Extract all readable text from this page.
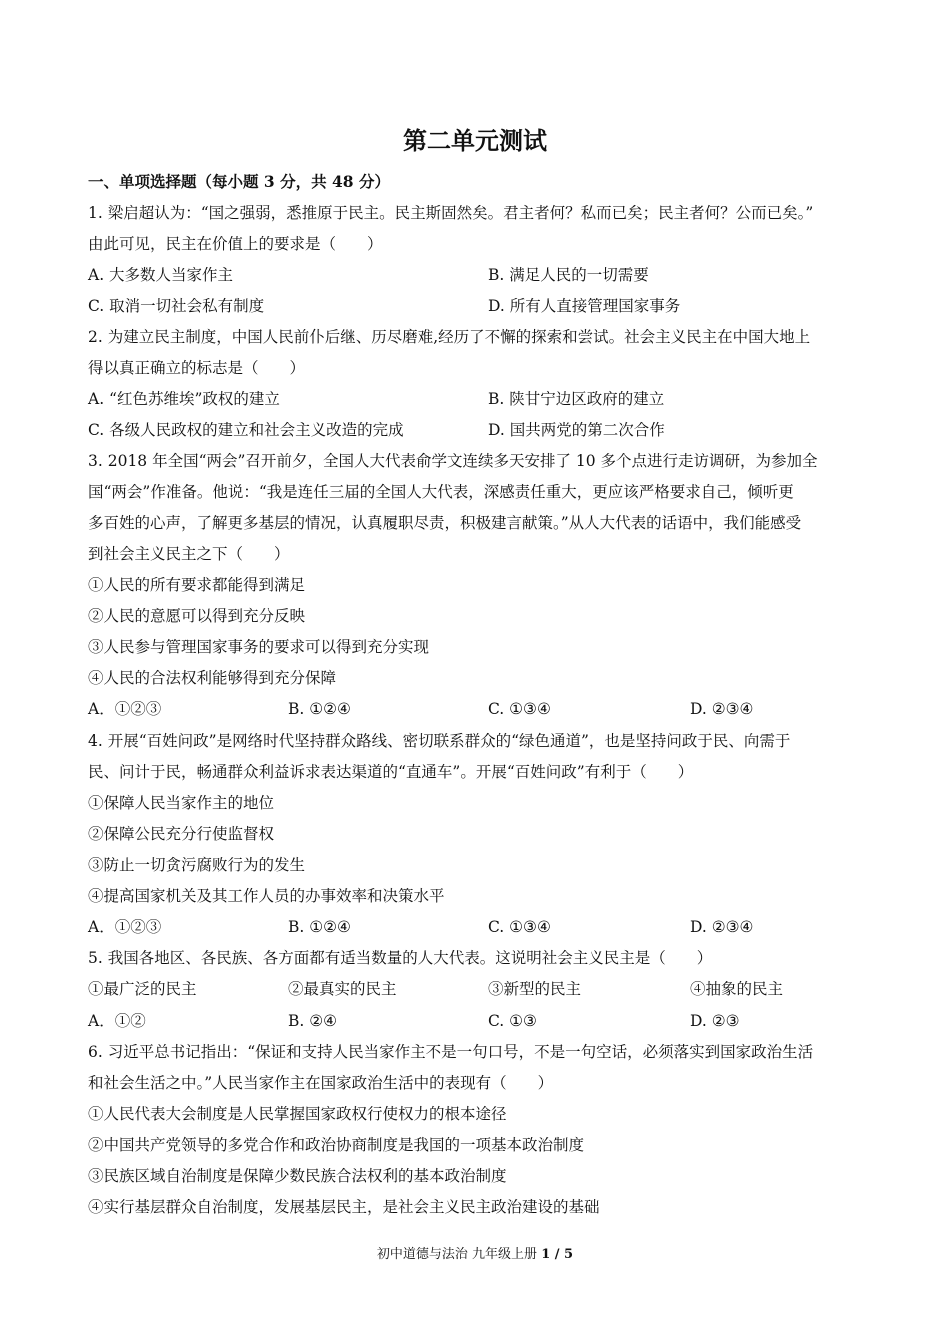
第二单元测试
一、单项选择题（每小题 3 分，共 48 分）
1. 梁启超认为：“国之强弱，悉推原于民主。民主斯固然矣。君主者何？私而已矣；民主者何？公而已矣。”
由此可见，民主在价值上的要求是（　　）
A. 大多数人当家作主	B. 满足人民的一切需要
C. 取消一切社会私有制度	D. 所有人直接管理国家事务
2. 为建立民主制度，中国人民前仆后继、历尽磨难,经历了不懈的探索和尝试。社会主义民主在中国大地上
得以真正确立的标志是（　　）
A. “红色苏维埃”政权的建立	B. 陕甘宁边区政府的建立
C. 各级人民政权的建立和社会主义改造的完成	D. 国共两党的第二次合作
3. 2018 年全国“两会”召开前夕，全国人大代表俞学文连续多天安排了 10 多个点进行走访调研，为参加全
国“两会”作准备。他说：“我是连任三届的全国人大代表，深感责任重大，更应该严格要求自己，倾听更
多百姓的心声，了解更多基层的情况，认真履职尽责，积极建言献策。”从人大代表的话语中，我们能感受
到社会主义民主之下（　　）
①人民的所有要求都能得到满足
②人民的意愿可以得到充分反映
③人民参与管理国家事务的要求可以得到充分实现
④人民的合法权利能够得到充分保障
A．①②③	B. ①②④	C. ①③④	D. ②③④
4. 开展“百姓问政”是网络时代坚持群众路线、密切联系群众的“绿色通道”，也是坚持问政于民、向需于
民、问计于民，畅通群众利益诉求表达渠道的“直通车”。开展“百姓问政”有利于（　　）
①保障人民当家作主的地位
②保障公民充分行使监督权
③防止一切贪污腐败行为的发生
④提高国家机关及其工作人员的办事效率和决策水平
A．①②③	B. ①②④	C. ①③④	D. ②③④
5. 我国各地区、各民族、各方面都有适当数量的人大代表。这说明社会主义民主是（　　）
①最广泛的民主	②最真实的民主	③新型的民主	④抽象的民主
A．①②	B. ②④	C. ①③	D. ②③
6. 习近平总书记指出：“保证和支持人民当家作主不是一句口号，不是一句空话，必须落实到国家政治生活
和社会生活之中。”人民当家作主在国家政治生活中的表现有（　　）
①人民代表大会制度是人民掌握国家政权行使权力的根本途径
②中国共产党领导的多党合作和政治协商制度是我国的一项基本政治制度
③民族区域自治制度是保障少数民族合法权利的基本政治制度
④实行基层群众自治制度，发展基层民主，是社会主义民主政治建设的基础
初中道德与法治 九年级上册 1 / 5
